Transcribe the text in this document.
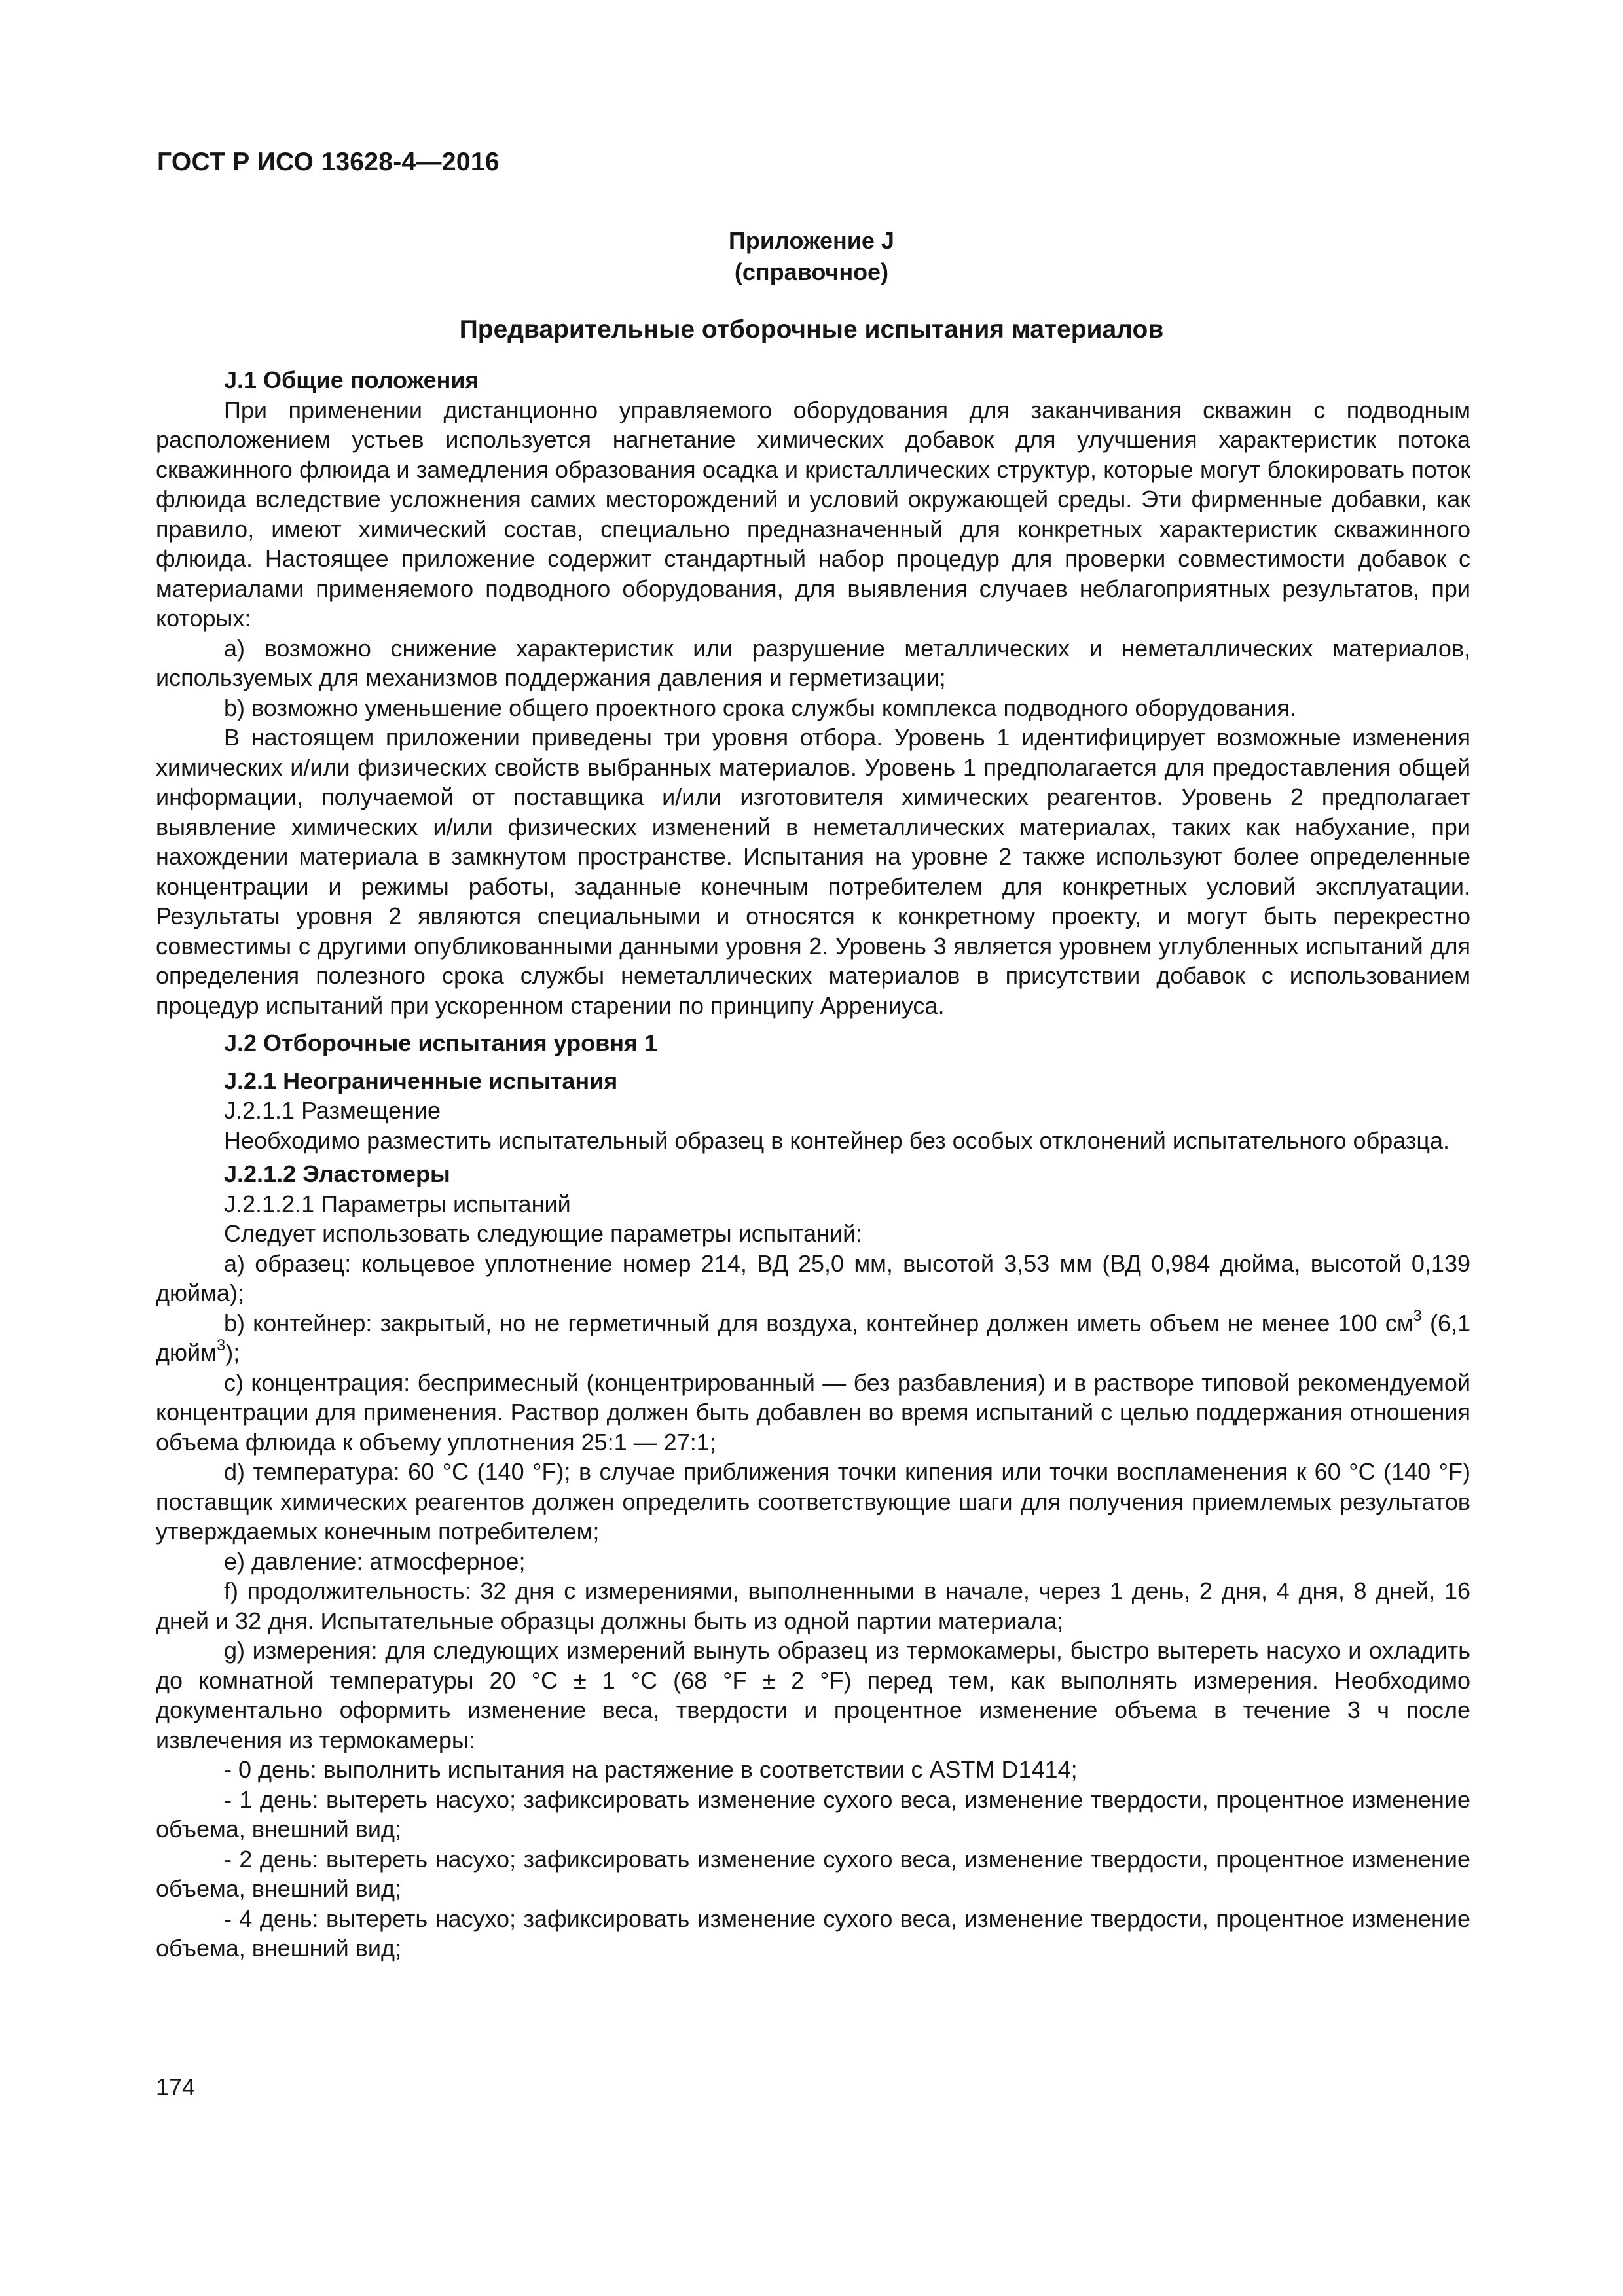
ГОСТ Р ИСО 13628-4—2016
Приложение J
(справочное)
Предварительные отборочные испытания материалов

J.1 Общие положения

При применении дистанционно управляемого оборудования для заканчивания скважин с подводным расположением устьев используется нагнетание химических добавок для улучшения характеристик потока скважинного флюида и замедления образования осадка и кристаллических структур, которые могут блокировать поток флюида вследствие усложнения самих месторождений и условий окружающей среды. Эти фирменные добавки, как правило, имеют химический состав, специально предназначенный для конкретных характеристик скважинного флюида. Настоящее приложение содержит стандартный набор процедур для проверки совместимости добавок с материалами применяемого подводного оборудования, для выявления случаев неблагоприятных результатов, при которых:

а) возможно снижение характеристик или разрушение металлических и неметаллических материалов, используемых для механизмов поддержания давления и герметизации;

b) возможно уменьшение общего проектного срока службы комплекса подводного оборудования.

В настоящем приложении приведены три уровня отбора. Уровень 1 идентифицирует возможные изменения химических и/или физических свойств выбранных материалов. Уровень 1 предполагается для предоставления общей информации, получаемой от поставщика и/или изготовителя химических реагентов. Уровень 2 предполагает выявление химических и/или физических изменений в неметаллических материалах, таких как набухание, при нахождении материала в замкнутом пространстве. Испытания на уровне 2 также используют более определенные концентрации и режимы работы, заданные конечным потребителем для конкретных условий эксплуатации. Результаты уровня 2 являются специальными и относятся к конкретному проекту, и могут быть перекрестно совместимы с другими опубликованными данными уровня 2. Уровень 3 является уровнем углубленных испытаний для определения полезного срока службы неметаллических материалов в присутствии добавок с использованием процедур испытаний при ускоренном старении по принципу Аррениуса.

J.2 Отборочные испытания уровня 1

J.2.1 Неограниченные испытания

J.2.1.1 Размещение

Необходимо разместить испытательный образец в контейнер без особых отклонений испытательного образца.

J.2.1.2 Эластомеры

J.2.1.2.1 Параметры испытаний

Следует использовать следующие параметры испытаний:

а) образец: кольцевое уплотнение номер 214, ВД 25,0 мм, высотой 3,53 мм (ВД 0,984 дюйма, высотой 0,139 дюйма);

b) контейнер: закрытый, но не герметичный для воздуха, контейнер должен иметь объем не менее 100 $см^3$ (6,1 дюйм$^3$);

с) концентрация: беспримесный (концентрированный — без разбавления) и в растворе типовой рекомендуемой концентрации для применения. Раствор должен быть добавлен во время испытаний с целью поддержания отношения объема флюида к объему уплотнения 25:1 — 27:1;

d) температура: 60 °С (140 °F); в случае приближения точки кипения или точки воспламенения к 60 °С (140 °F) поставщик химических реагентов должен определить соответствующие шаги для получения приемлемых результатов утверждаемых конечным потребителем;

е) давление: атмосферное;

f) продолжительность: 32 дня с измерениями, выполненными в начале, через 1 день, 2 дня, 4 дня, 8 дней, 16 дней и 32 дня. Испытательные образцы должны быть из одной партии материала;

g) измерения: для следующих измерений вынуть образец из термокамеры, быстро вытереть насухо и охладить до комнатной температуры 20 °С ± 1 °С (68 °F ± 2 °F) перед тем, как выполнять измерения. Необходимо документально оформить изменение веса, твердости и процентное изменение объема в течение 3 ч после извлечения из термокамеры:

- 0 день: выполнить испытания на растяжение в соответствии с ASTM D1414;

- 1 день: вытереть насухо; зафиксировать изменение сухого веса, изменение твердости, процентное изменение объема, внешний вид;

- 2 день: вытереть насухо; зафиксировать изменение сухого веса, изменение твердости, процентное изменение объема, внешний вид;

- 4 день: вытереть насухо; зафиксировать изменение сухого веса, изменение твердости, процентное изменение объема, внешний вид;

174
